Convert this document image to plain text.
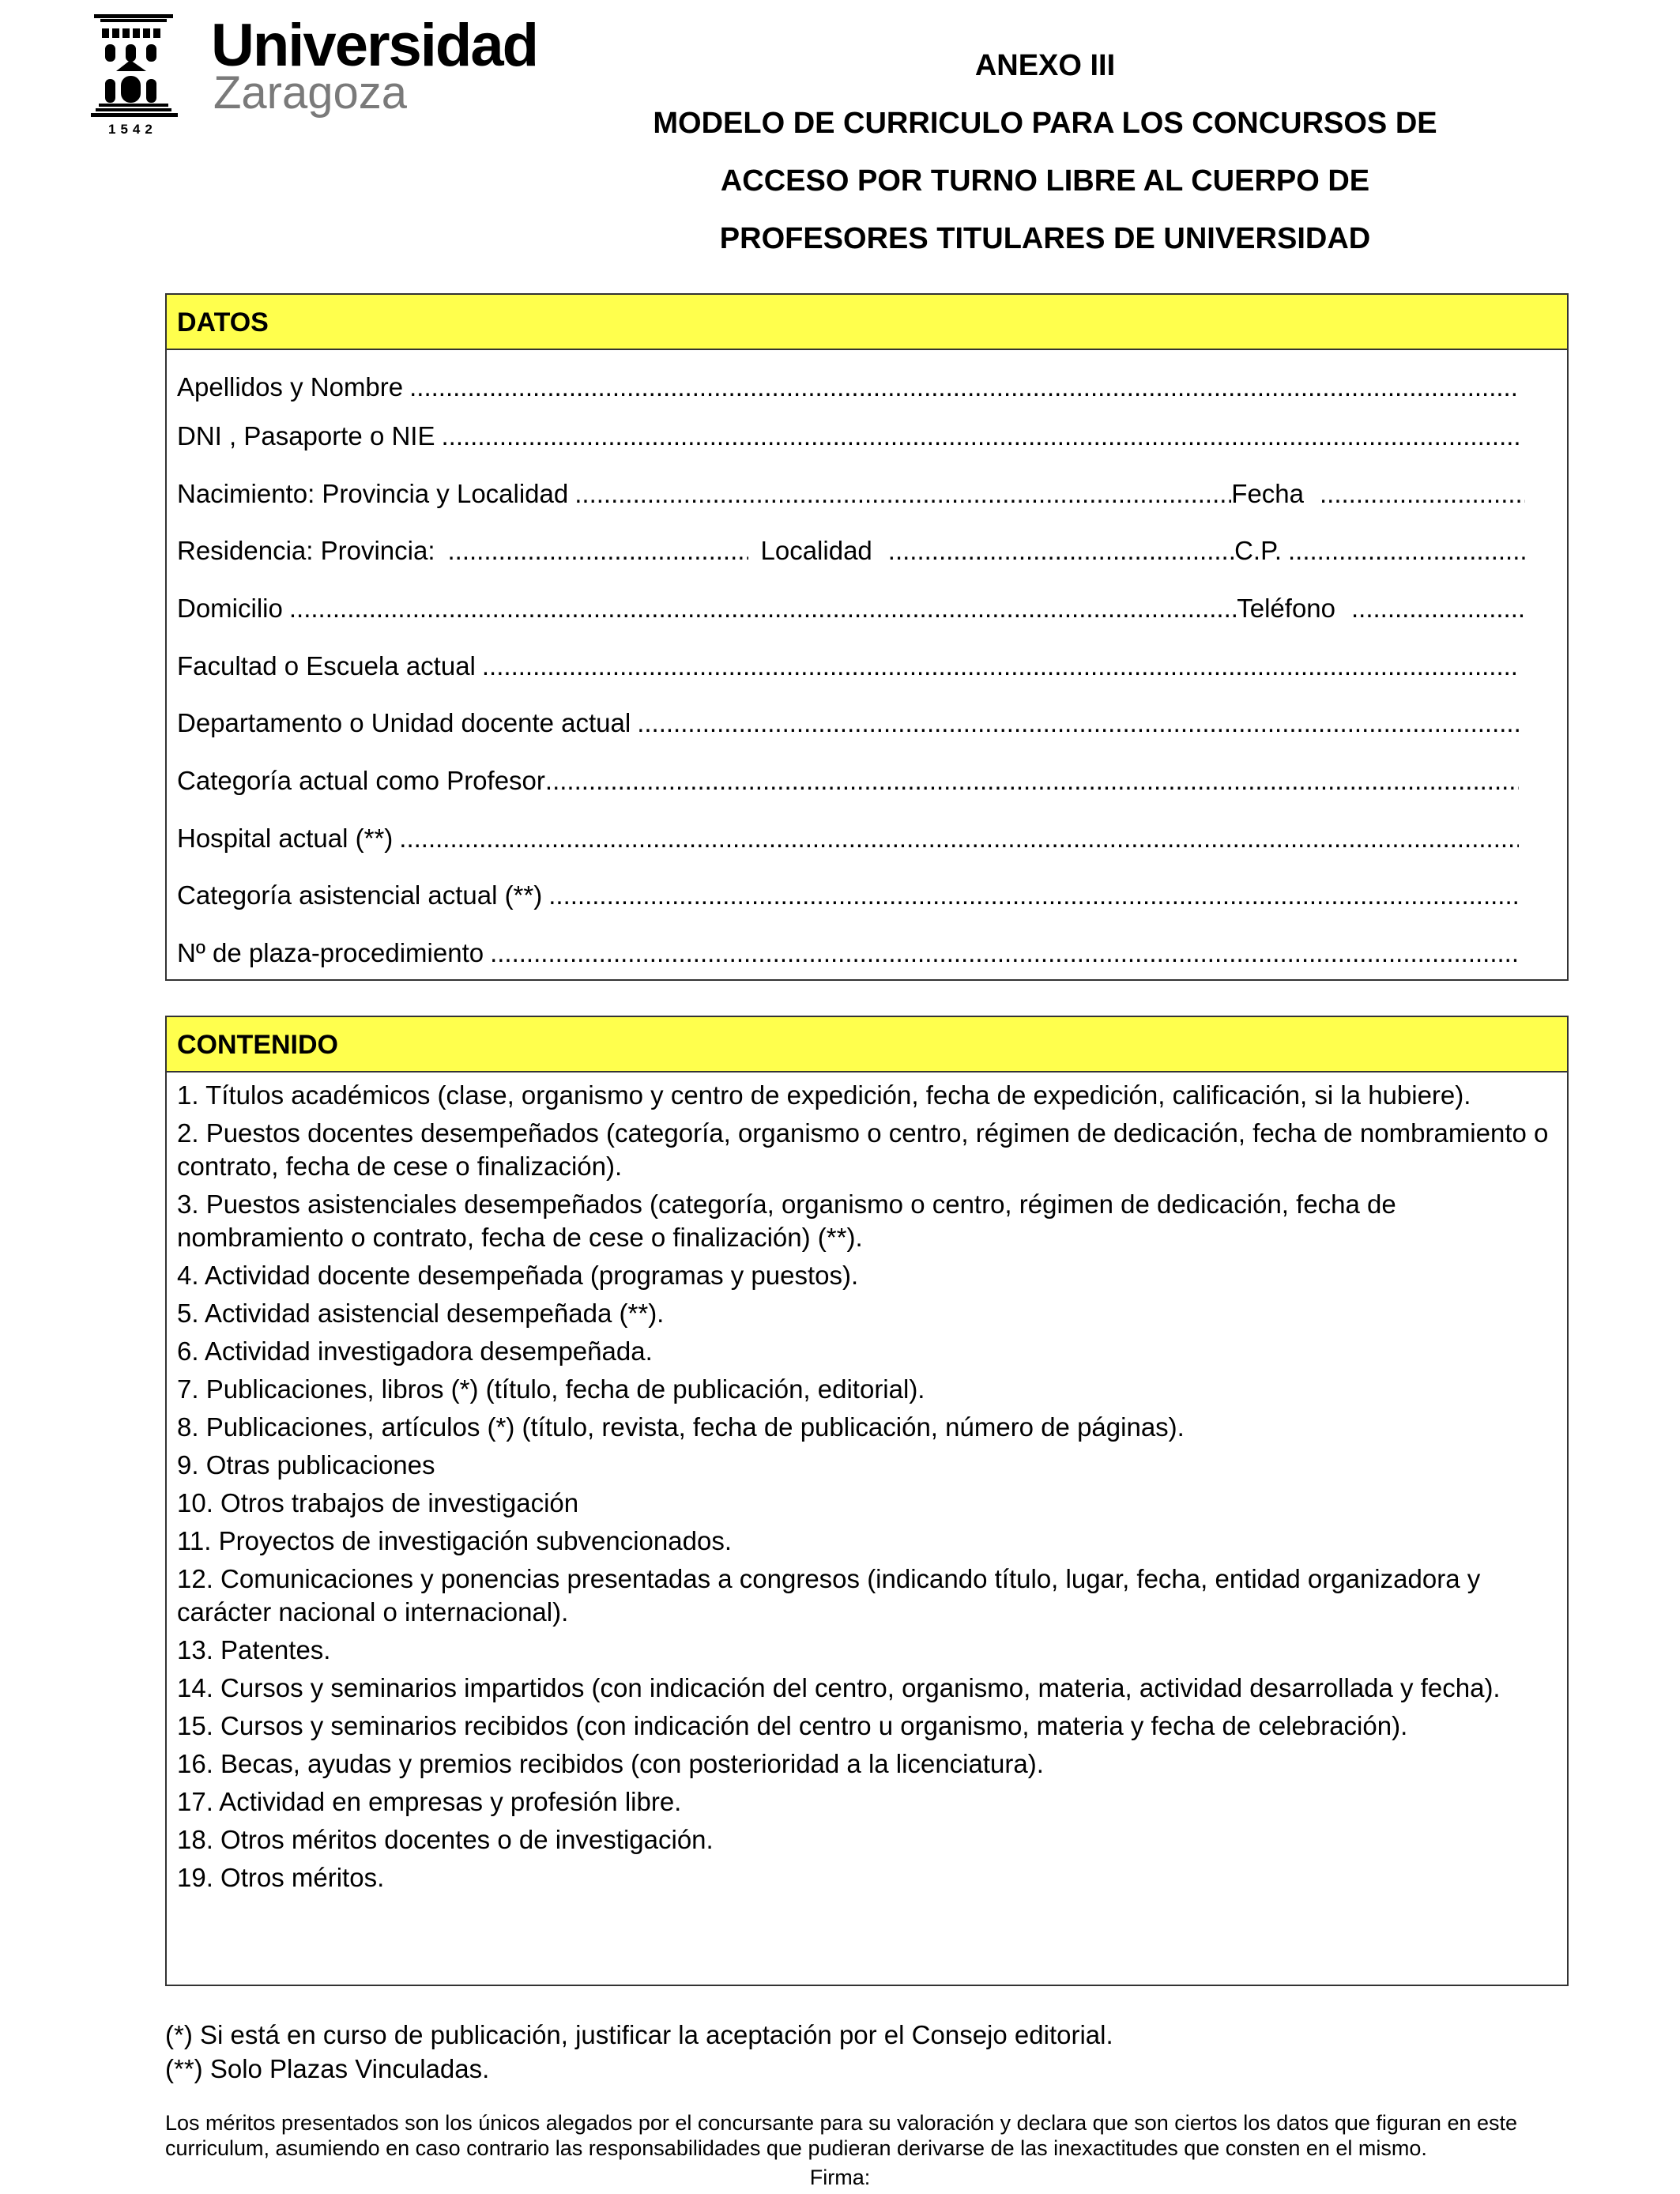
Universidad
Zaragoza
1542
ANEXO III
MODELO DE CURRICULO PARA LOS CONCURSOS DE
ACCESO POR TURNO LIBRE AL CUERPO DE
PROFESORES TITULARES DE UNIVERSIDAD
DATOS
Apellidos y Nombre
.....
DNI , Pasaporte o NIE
.....
Nacimiento: Provincia y Localidad .....	Fecha
.....
Residencia: Provincia: .....	Localidad .....	C.P.
.....
Domicilio .....	Teléfono
.....
Facultad o Escuela actual
.....
Departamento o Unidad docente actual
.....
Categoría actual como Profesor
.....
Hospital actual (**)
.....
Categoría asistencial actual (**)
.....
Nº de plaza-procedimiento
.....
CONTENIDO
1. Títulos académicos (clase, organismo y centro de expedición, fecha de expedición, calificación, si la hubiere).
2. Puestos docentes desempeñados (categoría, organismo o centro, régimen de dedicación, fecha de nombramiento o contrato, fecha de cese o finalización).
3. Puestos asistenciales desempeñados (categoría, organismo o centro, régimen de dedicación, fecha de nombramiento o contrato, fecha de cese o finalización) (**).
4. Actividad docente desempeñada (programas y puestos).
5. Actividad asistencial desempeñada (**).
6. Actividad investigadora desempeñada.
7. Publicaciones, libros (*) (título, fecha de publicación, editorial).
8. Publicaciones, artículos (*) (título, revista, fecha de publicación, número de páginas).
9. Otras publicaciones
10. Otros trabajos de investigación
11. Proyectos de investigación subvencionados.
12. Comunicaciones y ponencias presentadas a congresos (indicando título, lugar, fecha, entidad organizadora y carácter nacional o internacional).
13. Patentes.
14. Cursos y seminarios impartidos (con indicación del centro, organismo, materia, actividad desarrollada y fecha).
15. Cursos y seminarios recibidos (con indicación del centro u organismo, materia y fecha de celebración).
16. Becas, ayudas y premios recibidos (con posterioridad a la licenciatura).
17. Actividad en empresas y profesión libre.
18. Otros méritos docentes o de investigación.
19. Otros méritos.
(*) Si está en curso de publicación, justificar la aceptación por el Consejo editorial.
(**) Solo Plazas Vinculadas.
Los méritos presentados son los únicos alegados por el concursante para su valoración y declara que son ciertos los datos que figuran en este curriculum, asumiendo en caso contrario las responsabilidades que pudieran derivarse de las inexactitudes que consten en el mismo.
Firma:
